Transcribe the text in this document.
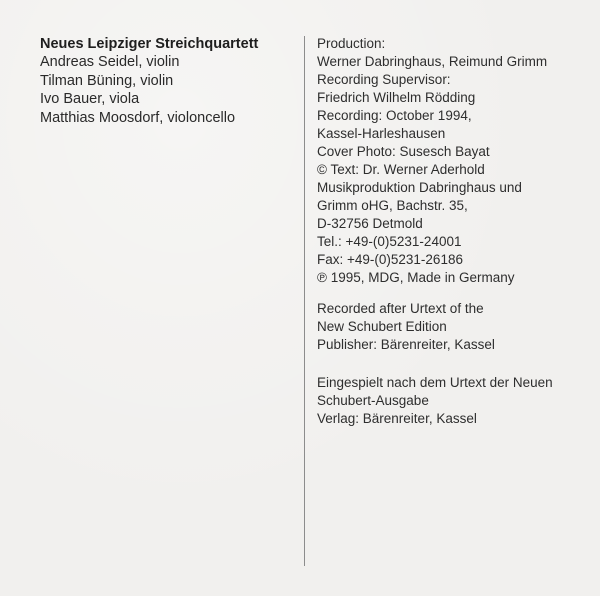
Neues Leipziger Streichquartett
Andreas Seidel, violin
Tilman Büning, violin
Ivo Bauer, viola
Matthias Moosdorf, violoncello
Production:
Werner Dabringhaus, Reimund Grimm
Recording Supervisor:
Friedrich Wilhelm Rödding
Recording: October 1994,
Kassel-Harleshausen
Cover Photo: Susesch Bayat
© Text: Dr. Werner Aderhold
Musikproduktion Dabringhaus und
Grimm oHG, Bachstr. 35,
D-32756 Detmold
Tel.: +49-(0)5231-24001
Fax: +49-(0)5231-26186
℗ 1995, MDG, Made in Germany
Recorded after Urtext of the
New Schubert Edition
Publisher: Bärenreiter, Kassel
Eingespielt nach dem Urtext der Neuen
Schubert-Ausgabe
Verlag: Bärenreiter, Kassel
